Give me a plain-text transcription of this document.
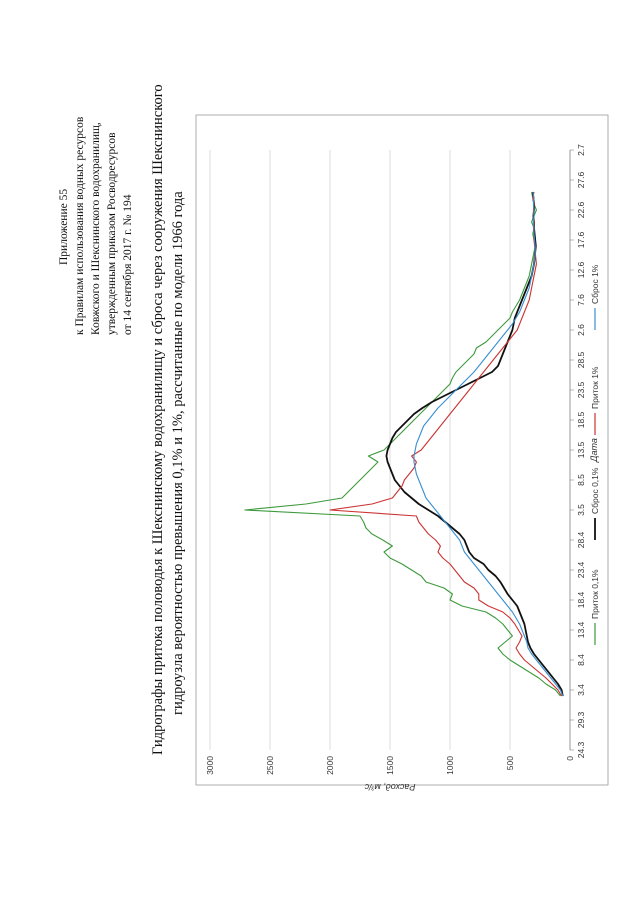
Приложение 55 к Правилам использования водных ресурсов Ковжского и Шекснинского водохранилищ, утвержденным приказом Росводресурсов от 14 сентября 2017 г. № 194 Гидрографы притока половодья к Шекснинскому водохранилищу и сброса через сооружения Шекснинского гидроузла вероятностью превышения 0,1% и 1%, рассчитанные по модели 1966 года
0
500
1000
1500
2000
2500
3000
24.3
29.3
3.4
8.4
13.4
18.4
23.4
28.4
3.5
8.5
13.5
18.5
23.5
28.5
2.6
7.6
12.6
17.6
22.6
27.6
2.7
Расход, м³/с
Дата
Приток 0,1%
Сброс 0,1%
Приток 1%
Сброс 1%
